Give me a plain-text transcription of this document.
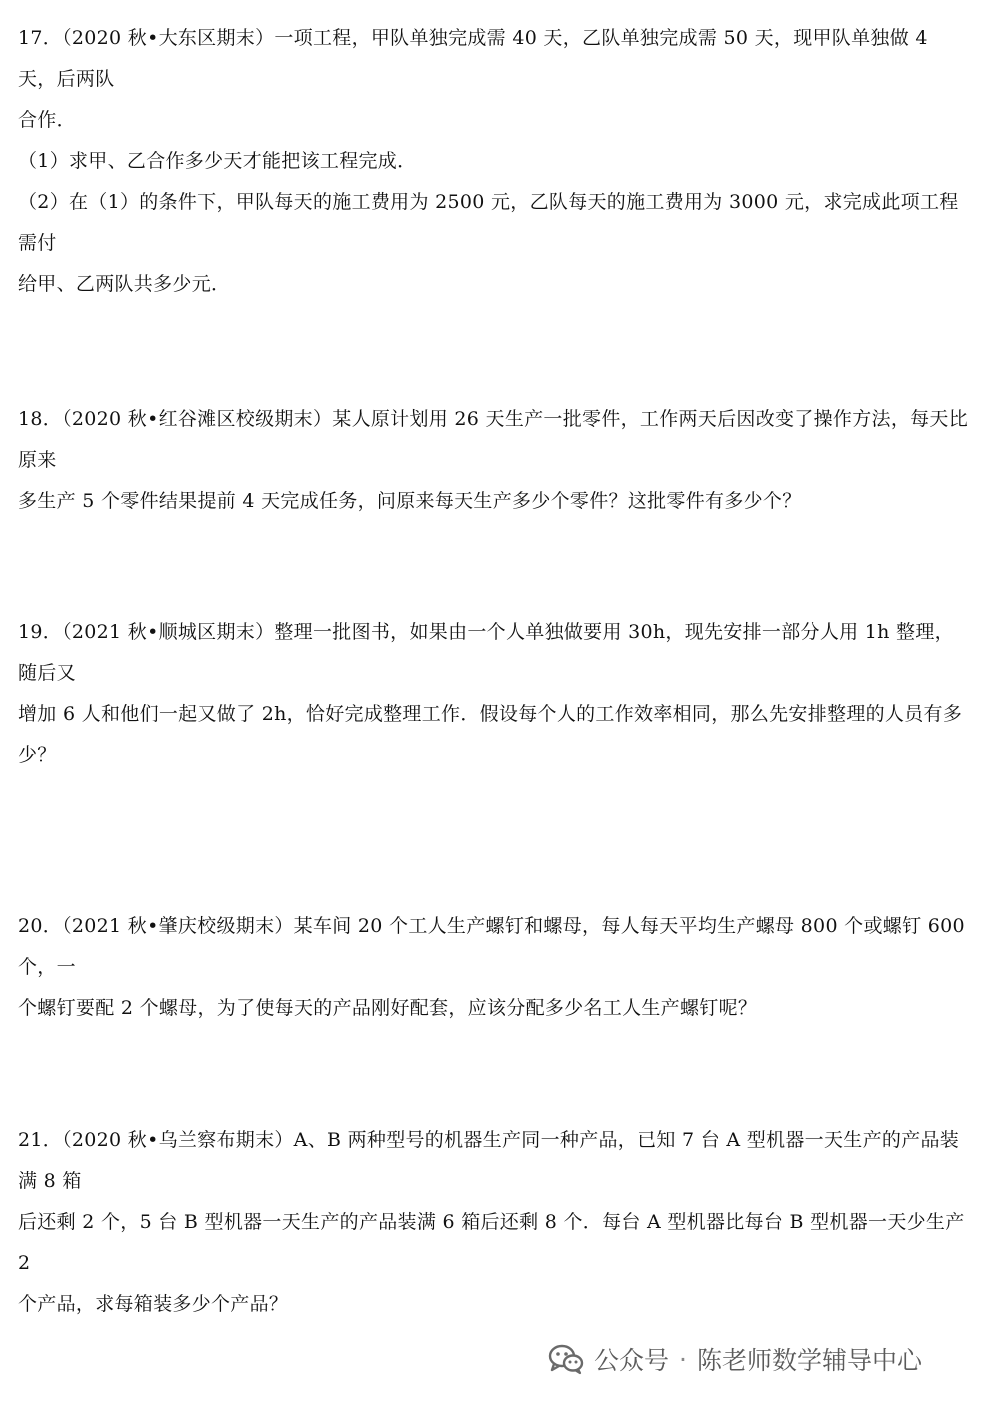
17．（2020 秋•大东区期末）一项工程，甲队单独完成需 40 天，乙队单独完成需 50 天，现甲队单独做 4 天，后两队

合作．

（1）求甲、乙合作多少天才能把该工程完成．

（2）在（1）的条件下，甲队每天的施工费用为 2500 元，乙队每天的施工费用为 3000 元，求完成此项工程需付

给甲、乙两队共多少元．

18．（2020 秋•红谷滩区校级期末）某人原计划用 26 天生产一批零件，工作两天后因改变了操作方法，每天比原来

多生产 5 个零件结果提前 4 天完成任务，问原来每天生产多少个零件？这批零件有多少个？

19．（2021 秋•顺城区期末）整理一批图书，如果由一个人单独做要用 30h，现先安排一部分人用 1h 整理，随后又

增加 6 人和他们一起又做了 2h，恰好完成整理工作．假设每个人的工作效率相同，那么先安排整理的人员有多

少？

20．（2021 秋•肇庆校级期末）某车间 20 个工人生产螺钉和螺母，每人每天平均生产螺母 800 个或螺钉 600 个，一

个螺钉要配 2 个螺母，为了使每天的产品刚好配套，应该分配多少名工人生产螺钉呢？

21．（2020 秋•乌兰察布期末）A、B 两种型号的机器生产同一种产品，已知 7 台 A 型机器一天生产的产品装满 8 箱

后还剩 2 个，5 台 B 型机器一天生产的产品装满 6 箱后还剩 8 个．每台 A 型机器比每台 B 型机器一天少生产 2

个产品，求每箱装多少个产品？

公众号 · 陈老师数学辅导中心
